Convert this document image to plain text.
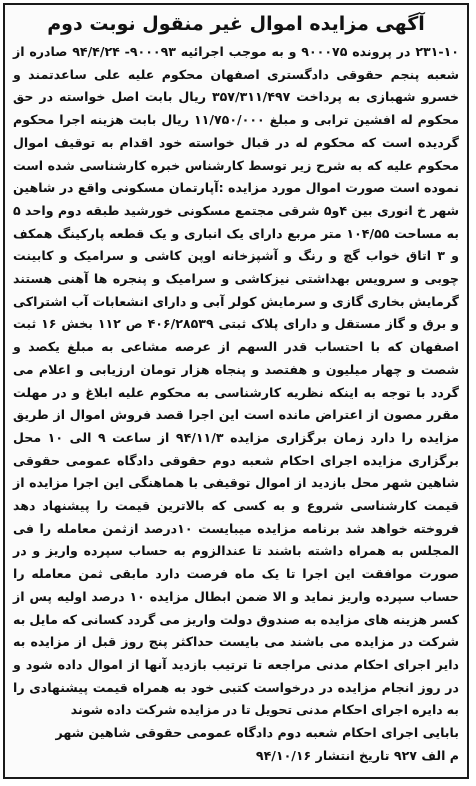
آگهی مزایده اموال غیر منقول نوبت دوم

۲۳۱-۱۰ در پرونده ۹۰۰۰۷۵ و به موجب اجرائیه ۹۰۰۰۹۳- ۹۴/۴/۲۴ صادره از شعبه پنجم حقوقی دادگستری اصفهان محکوم علیه علی ساعدتمند و خسرو شهبازی به پرداخت ۳۵۷/۳۱۱/۴۹۷ ریال بابت اصل خواسته در حق محکوم له افشین ترابی و مبلغ ۱۱/۷۵۰/۰۰۰ ریال بابت هزینه اجرا محکوم گردیده است که محکوم له در قبال خواسته خود اقدام به توقیف اموال محکوم علیه که به شرح زیر توسط کارشناس خبره کارشناسی شده است نموده است صورت اموال مورد مزایده :آپارتمان مسکونی واقع در شاهین شهر خ انوری بین ۴و۵ شرقی مجتمع مسکونی خورشید طبقه دوم واحد ۵ به مساحت ۱۰۴/۵۵ متر مربع دارای یک انباری و یک قطعه پارکینگ همکف و ۳ اتاق خواب گچ و رنگ و آشپزخانه اوپن کاشی و سرامیک و کابینت چوبی و سرویس بهداشتی نیزکاشی و سرامیک و پنجره ها آهنی هستند گرمایش بخاری گازی و سرمایش کولر آبی و دارای انشعابات آب اشتراکی و برق و گاز مستقل و دارای پلاک ثبتی ۴۰۶/۲۸۵۳۹ ص ۱۱۲ بخش ۱۶ ثبت اصفهان که با احتساب قدر السهم از عرصه مشاعی به مبلغ یکصد و شصت و چهار میلیون و هفتصد و پنجاه هزار تومان ارزیابی و اعلام می گردد با توجه به اینکه نظریه کارشناسی به محکوم علیه ابلاغ و در مهلت مقرر مصون از اعتراض مانده است این اجرا قصد فروش اموال از طریق مزایده را دارد زمان برگزاری مزایده ۹۴/۱۱/۳ از ساعت ۹ الی ۱۰ محل برگزاری مزایده اجرای احکام شعبه دوم حقوقی دادگاه عمومی حقوقی شاهین شهر محل بازدید از اموال توقیفی با هماهنگی این اجرا مزایده از قیمت کارشناسی شروع و به کسی که بالاترین قیمت را پیشنهاد دهد فروخته خواهد شد برنامه مزایده میبایست ۱۰درصد ازثمن معامله را فی المجلس به همراه داشته باشند تا عندالزوم به حساب سپرده واریز و در صورت موافقت این اجرا تا یک ماه فرصت دارد مابقی ثمن معامله را حساب سپرده واریز نماید و الا ضمن ابطال مزایده ۱۰ درصد اولیه پس از کسر هزینه های مزایده به صندوق دولت واریز می گردد کسانی که مایل به شرکت در مزایده می باشند می بایست حداکثر پنج روز قبل از مزایده به دایر اجرای احکام مدنی مراجعه تا ترتیب بازدید آنها از اموال داده شود و در روز انجام مزایده در درخواست کتبی خود به همراه قیمت پیشنهادی را به دایره اجرای احکام مدنی تحویل تا در مزایده شرکت داده شوند

بابایی اجرای احکام شعبه دوم دادگاه عمومی حقوقی شاهین شهر

م الف ۹۲۷ تاریخ انتشار ۹۴/۱۰/۱۶
